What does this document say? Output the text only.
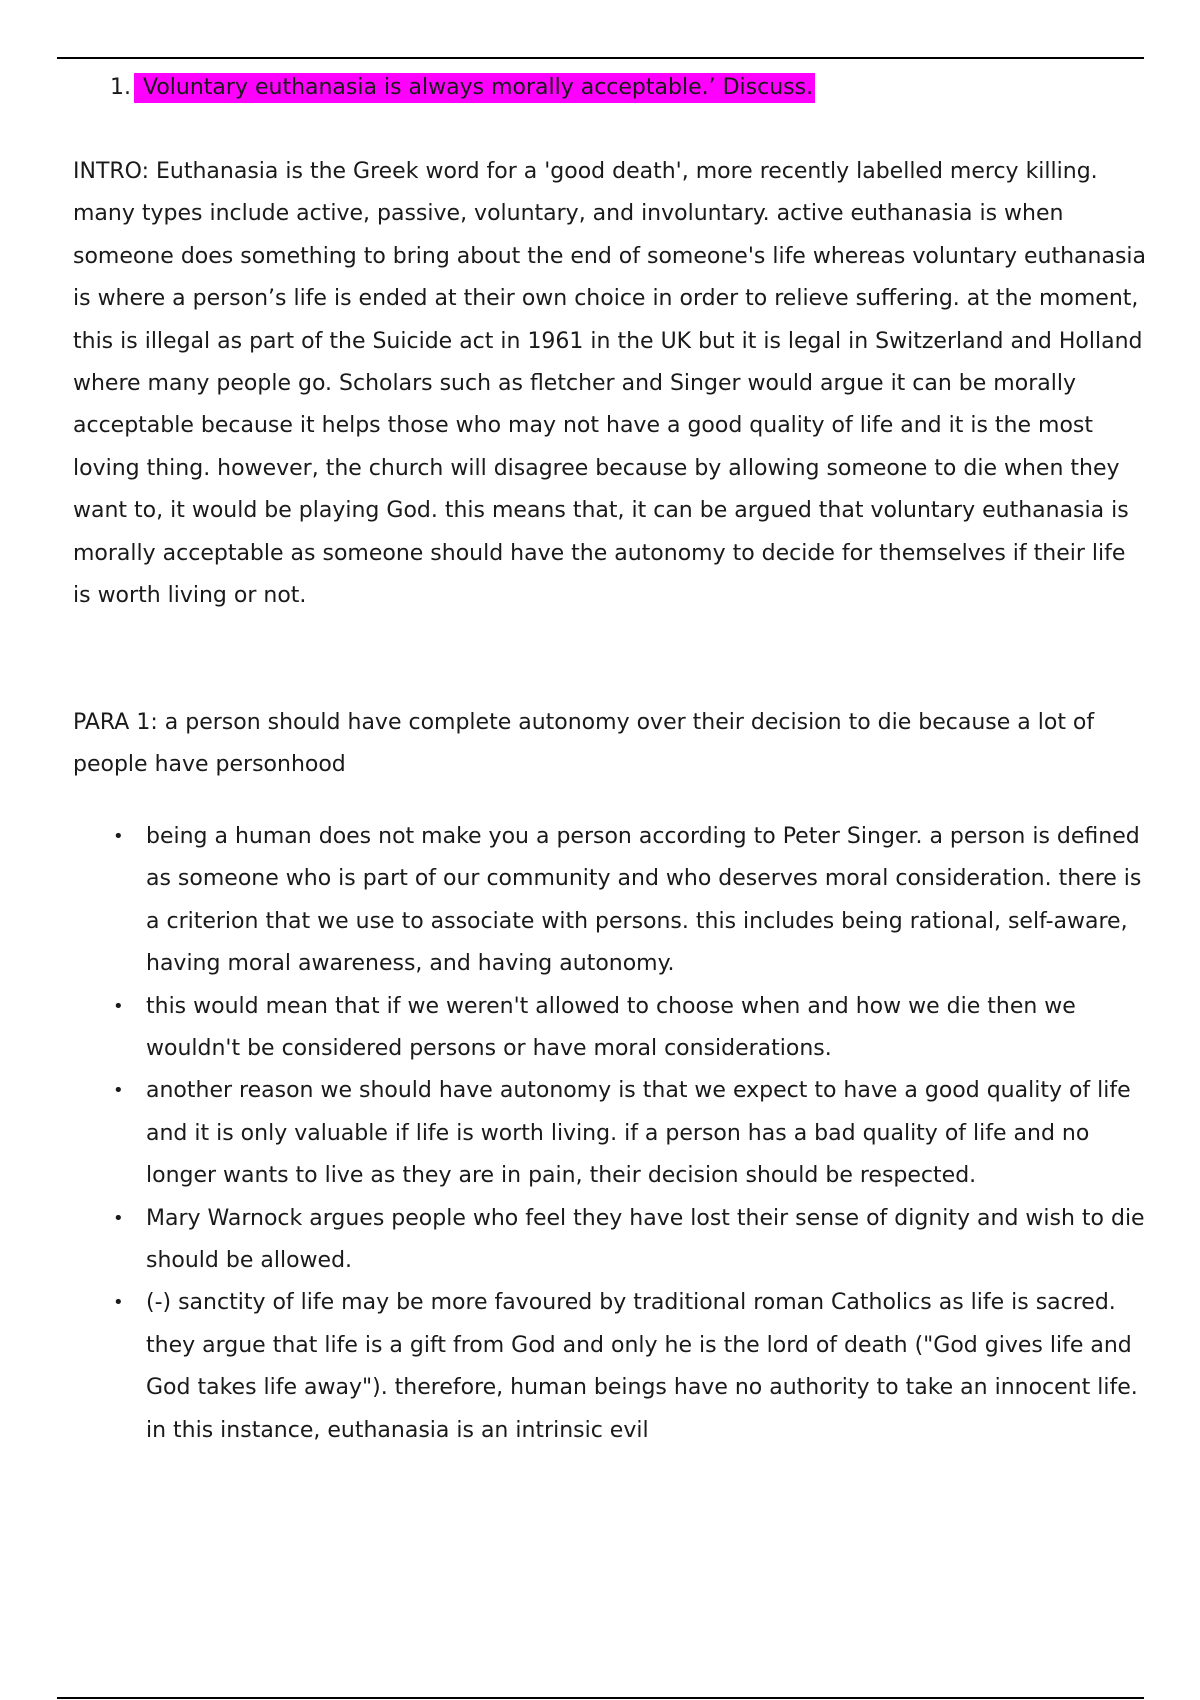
1. Voluntary euthanasia is always morally acceptable.’ Discuss.

INTRO: Euthanasia is the Greek word for a 'good death', more recently labelled mercy killing. many types include active, passive, voluntary, and involuntary. active euthanasia is when someone does something to bring about the end of someone's life whereas voluntary euthanasia is where a person’s life is ended at their own choice in order to relieve suffering. at the moment, this is illegal as part of the Suicide act in 1961 in the UK but it is legal in Switzerland and Holland where many people go. Scholars such as fletcher and Singer would argue it can be morally acceptable because it helps those who may not have a good quality of life and it is the most loving thing. however, the church will disagree because by allowing someone to die when they want to, it would be playing God. this means that, it can be argued that voluntary euthanasia is morally acceptable as someone should have the autonomy to decide for themselves if their life is worth living or not.

PARA 1: a person should have complete autonomy over their decision to die because a lot of people have personhood

• being a human does not make you a person according to Peter Singer. a person is defined as someone who is part of our community and who deserves moral consideration. there is a criterion that we use to associate with persons. this includes being rational, self-aware, having moral awareness, and having autonomy.
• this would mean that if we weren't allowed to choose when and how we die then we wouldn't be considered persons or have moral considerations.
• another reason we should have autonomy is that we expect to have a good quality of life and it is only valuable if life is worth living. if a person has a bad quality of life and no longer wants to live as they are in pain, their decision should be respected.
• Mary Warnock argues people who feel they have lost their sense of dignity and wish to die should be allowed.
• (-) sanctity of life may be more favoured by traditional roman Catholics as life is sacred. they argue that life is a gift from God and only he is the lord of death ("God gives life and God takes life away"). therefore, human beings have no authority to take an innocent life. in this instance, euthanasia is an intrinsic evil
